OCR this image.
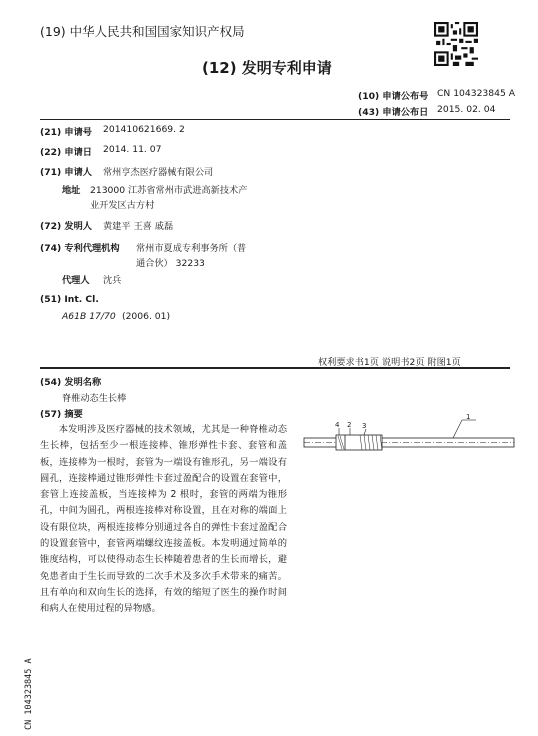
(19) 中华人民共和国国家知识产权局
(12) 发明专利申请
(10) 申请公布号 CN 104323845 A
(43) 申请公布日 2015. 02. 04
(21) 申请号 201410621669. 2
(22) 申请日 2014. 11. 07
(71) 申请人 常州亨杰医疗器械有限公司
地址 213000 江苏省常州市武进高新技术产
业开发区古方村
(72) 发明人 黄建平 王喜 戚磊
(74) 专利代理机构 常州市夏成专利事务所（普
通合伙） 32233
代理人 沈兵
(51) Int. Cl.
A61B 17/70 (2006. 01)
权利要求书1页 说明书2页 附图1页
(54) 发明名称
脊椎动态生长棒
(57) 摘要

本发明涉及医疗器械的技术领域，尤其是一种脊椎动态生长棒，包括至少一根连接棒、锥形弹性卡套、套管和盖板，连接棒为一根时，套管为一端设有锥形孔，另一端设有圆孔，连接棒通过锥形弹性卡套过盈配合的设置在套管中，套管上连接盖板，当连接棒为 2 根时，套管的两端为锥形孔，中间为圆孔，两根连接棒对称设置，且在对称的端面上设有限位块，两根连接棒分别通过各自的弹性卡套过盈配合的设置套管中，套管两端螺纹连接盖板。本发明通过简单的锥度结构，可以使得动态生长棒随着患者的生长而增长，避免患者由于生长而导致的二次手术及多次手术带来的痛苦。且有单向和双向生长的选择，有效的缩短了医生的操作时间和病人在使用过程的异物感。

4 2 3
1
CN 104323845 A
